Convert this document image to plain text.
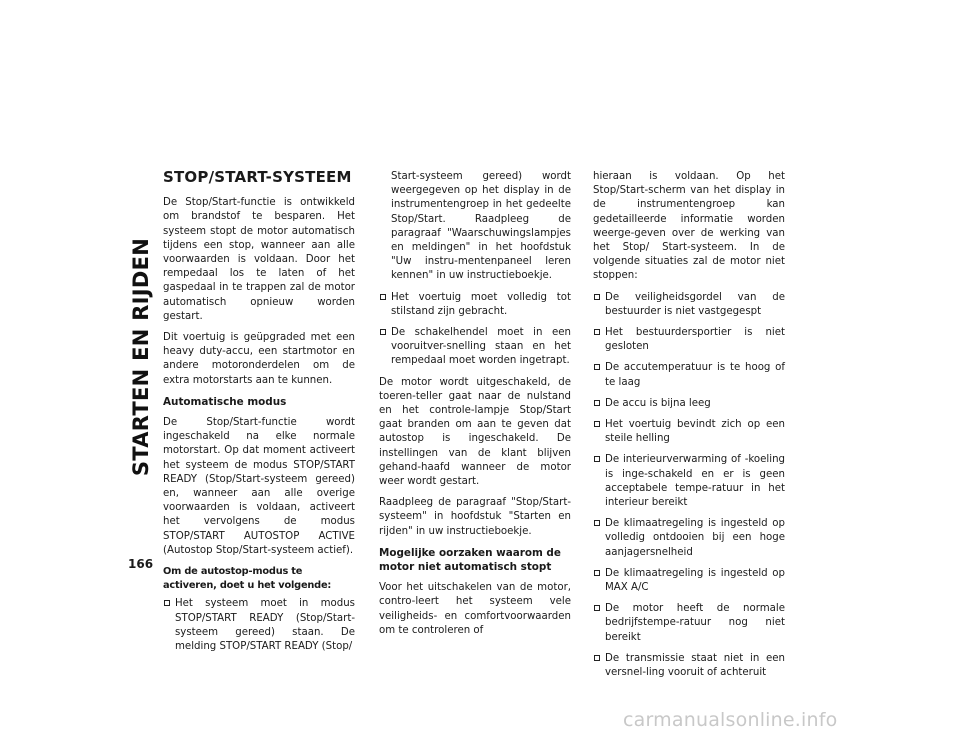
STARTEN EN RIJDEN
166
STOP/START-SYSTEEM

De Stop/Start-functie is ontwikkeld om brandstof te besparen. Het systeem stopt de motor automatisch tijdens een stop, wanneer aan alle voorwaarden is voldaan. Door het rempedaal los te laten of het gaspedaal in te trappen zal de motor automatisch opnieuw worden gestart.

Dit voertuig is geüpgraded met een heavy duty-accu, een startmotor en andere motoronderdelen om de extra motorstarts aan te kunnen.

Automatische modus

De Stop/Start-functie wordt ingeschakeld na elke normale motorstart. Op dat moment activeert het systeem de modus STOP/START READY (Stop/Start-systeem gereed) en, wanneer aan alle overige voorwaarden is voldaan, activeert het vervolgens de modus STOP/START AUTOSTOP ACTIVE (Autostop Stop/Start-systeem actief).

Om de autostop-modus te activeren, doet u het volgende:
Het systeem moet in modus STOP/START READY (Stop/Start-systeem gereed) staan. De melding STOP/START READY (Stop/

Start-systeem gereed) wordt weergegeven op het display in de instrumentengroep in het gedeelte Stop/Start. Raadpleeg de paragraaf "Waarschuwingslampjes en meldingen" in het hoofdstuk "Uw instru-mentenpaneel leren kennen" in uw instructieboekje.

Het voertuig moet volledig tot stilstand zijn gebracht.
De schakelhendel moet in een vooruitver-snelling staan en het rempedaal moet worden ingetrapt.

De motor wordt uitgeschakeld, de toeren-teller gaat naar de nulstand en het controle-lampje Stop/Start gaat branden om aan te geven dat autostop is ingeschakeld. De instellingen van de klant blijven gehand-haafd wanneer de motor weer wordt gestart.

Raadpleeg de paragraaf "Stop/Start-systeem" in hoofdstuk "Starten en rijden" in uw instructieboekje.

Mogelijke oorzaken waarom de motor niet automatisch stopt

Voor het uitschakelen van de motor, contro-leert het systeem vele veiligheids- en comfortvoorwaarden om te controleren of

hieraan is voldaan. Op het Stop/Start-scherm van het display in de instrumentengroep kan gedetailleerde informatie worden weerge-geven over de werking van het Stop/ Start-systeem. In de volgende situaties zal de motor niet stoppen:

De veiligheidsgordel van de bestuurder is niet vastgegespt
Het bestuurdersportier is niet gesloten
De accutemperatuur is te hoog of te laag
De accu is bijna leeg
Het voertuig bevindt zich op een steile helling
De interieurverwarming of -koeling is inge-schakeld en er is geen acceptabele tempe-ratuur in het interieur bereikt
De klimaatregeling is ingesteld op volledig ontdooien bij een hoge aanjagersnelheid
De klimaatregeling is ingesteld op MAX A/C
De motor heeft de normale bedrijfstempe-ratuur nog niet bereikt
De transmissie staat niet in een versnel-ling vooruit of achteruit
carmanualsonline.info
